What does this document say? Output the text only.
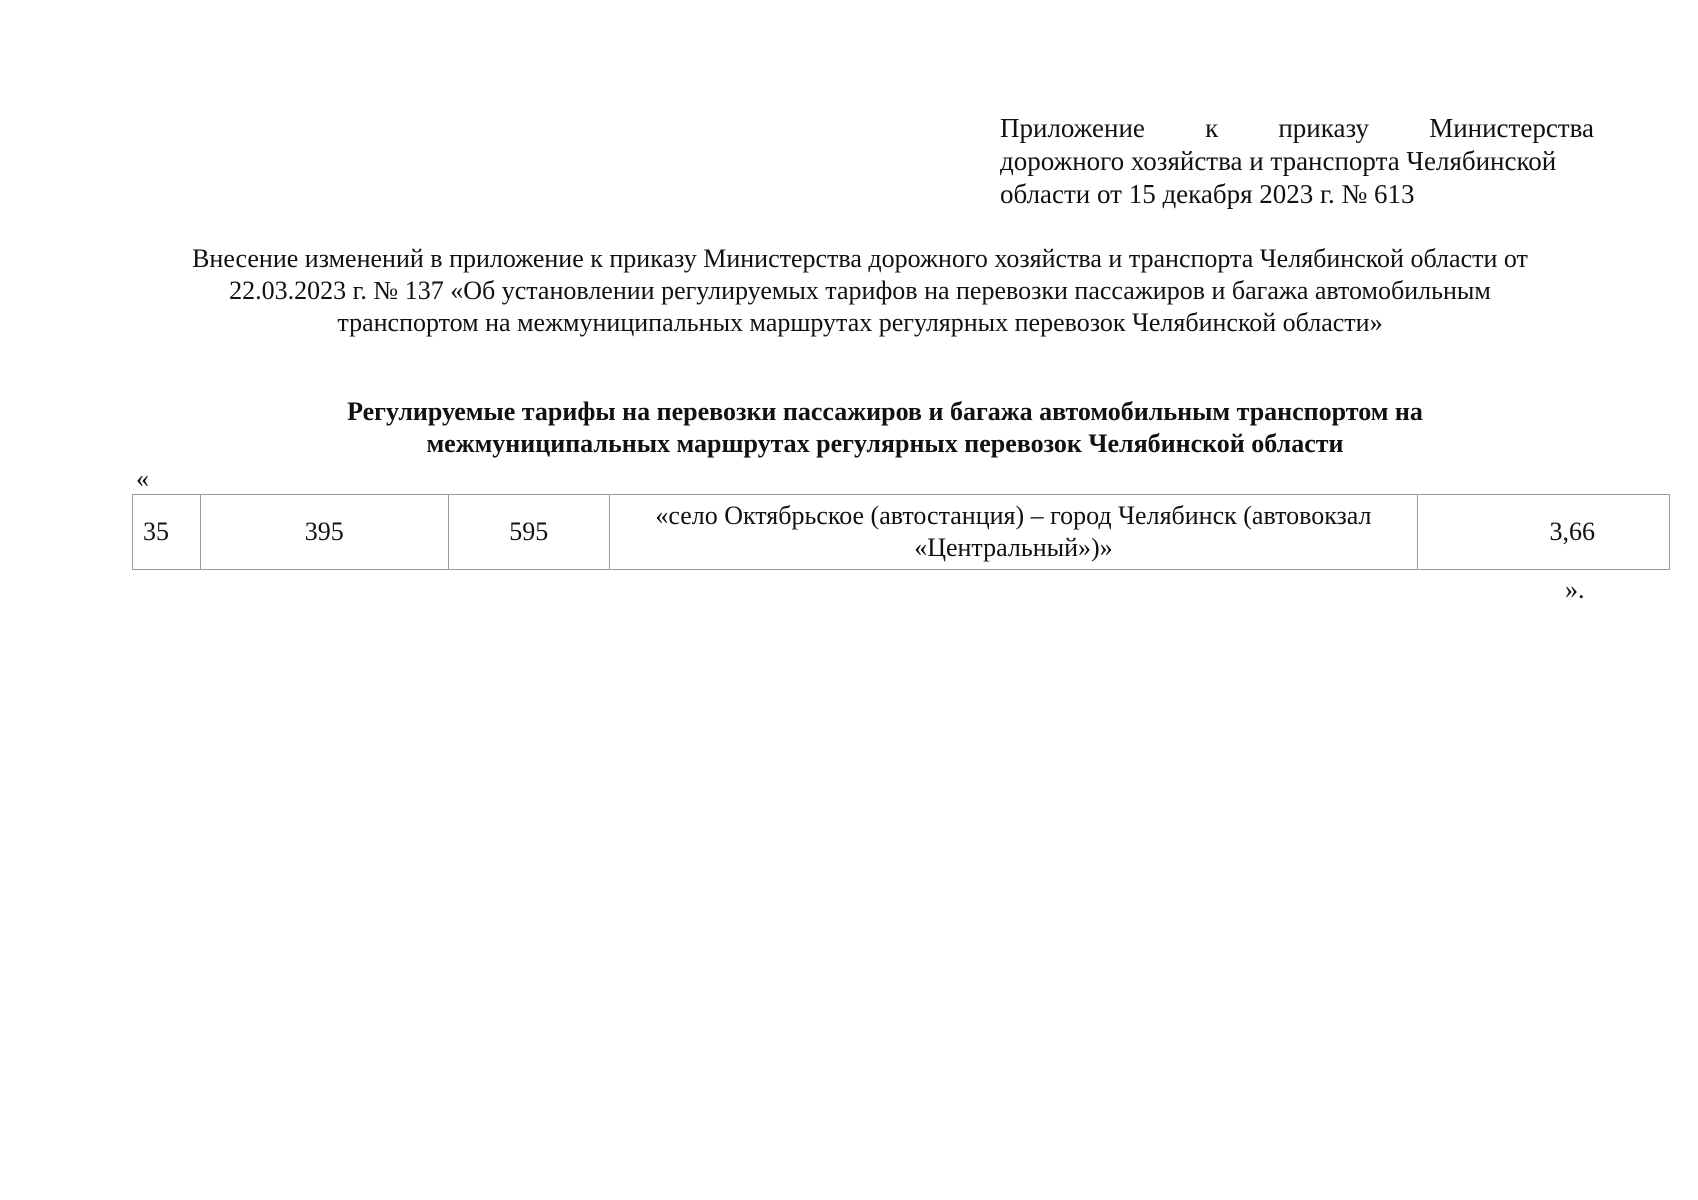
Приложение к приказу Министерства
дорожного хозяйства и транспорта Челябинской
области от 15 декабря 2023 г. № 613
Внесение изменений в приложение к приказу Министерства дорожного хозяйства и транспорта Челябинской области от 22.03.2023 г. № 137 «Об установлении регулируемых тарифов на перевозки пассажиров и багажа автомобильным транспортом на межмуниципальных маршрутах регулярных перевозок Челябинской области»
Регулируемые тарифы на перевозки пассажиров и багажа автомобильным транспортом на межмуниципальных маршрутах регулярных перевозок Челябинской области
«
35	395	595	«село Октябрьское (автостанция) – город Челябинск (автовокзал «Центральный»)»	3,66
».
